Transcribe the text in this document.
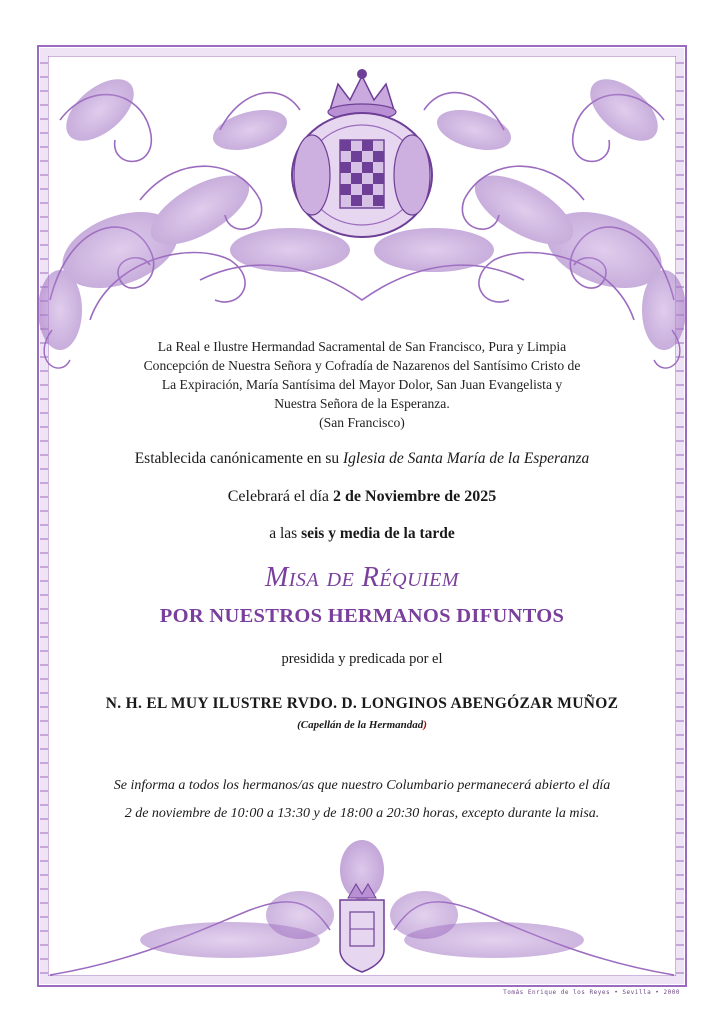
La Real e Ilustre Hermandad Sacramental de San Francisco, Pura y Limpia
Concepción de Nuestra Señora y Cofradía de Nazarenos del Santísimo Cristo de
La Expiración, María Santísima del Mayor Dolor, San Juan Evangelista y
Nuestra Señora de la Esperanza.
(San Francisco)
Establecida canónicamente en su Iglesia de Santa María de la Esperanza
Celebrará el día 2 de Noviembre de 2025
a las seis y media de la tarde
Misa de Réquiem
POR NUESTROS HERMANOS DIFUNTOS
presidida y predicada por el
N. H. EL MUY ILUSTRE RVDO. D. LONGINOS ABENGÓZAR MUÑOZ
(Capellán de la Hermandad)
Se informa a todos los hermanos/as que nuestro Columbario permanecerá abierto el día
2 de noviembre de 10:00 a 13:30 y de 18:00 a 20:30 horas, excepto durante la misa.
Tomás Enrique de los Reyes • Sevilla • 2000
